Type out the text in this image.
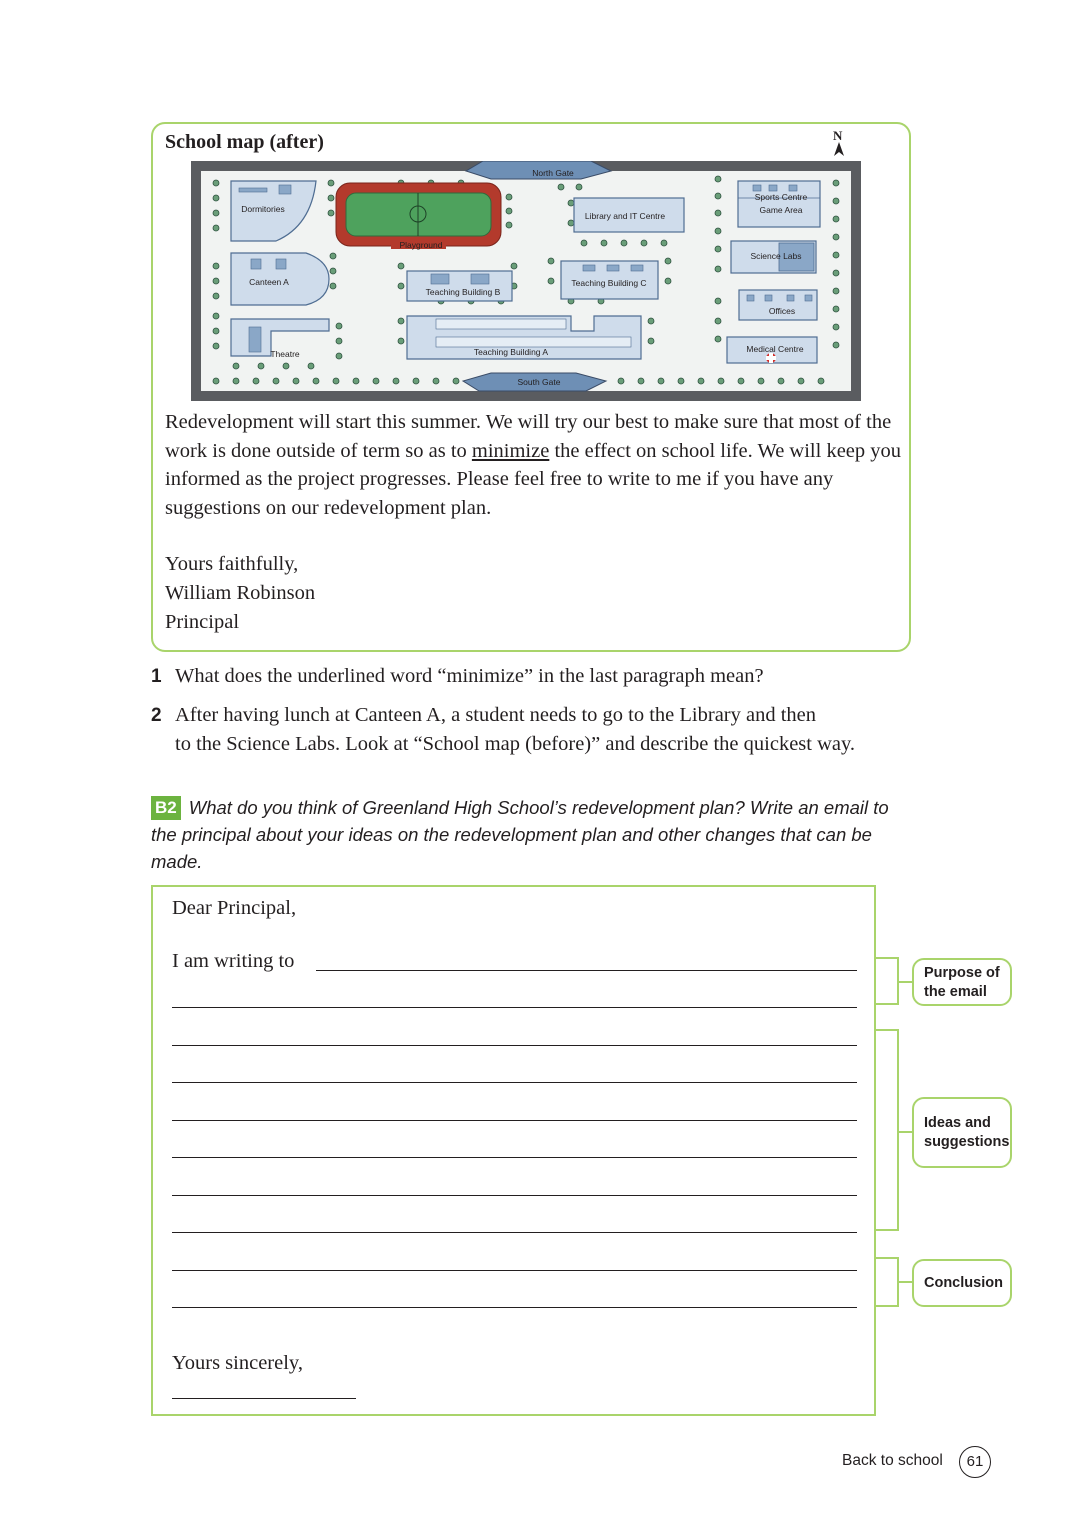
School map (after)	N
North Gate
South Gate
Dormitories
Playground
Library and IT Centre
Sports Centre
Game Area
Canteen A
Teaching Building B
Teaching Building C
Science Labs
Offices
Theatre	Teaching Building A	Medical Centre

Redevelopment will start this summer. We will try our best to make sure that most of the work is done outside of term so as to minimize the effect on school life. We will keep you informed as the project progresses. Please feel free to write to me if you have any suggestions on our redevelopment plan.

Yours faithfully,
William Robinson
Principal
1 What does the underlined word “minimize” in the last paragraph mean?
2 After having lunch at Canteen A, a student needs to go to the Library and then
to the Science Labs. Look at “School map (before)” and describe the quickest way.
B2 What do you think of Greenland High School’s redevelopment plan? Write an email to the principal about your ideas on the redevelopment plan and other changes that can be made.
Dear Principal,
I am writing to
Yours sincerely,
Purpose of the email
Ideas and suggestions
Conclusion
Back to school	61
